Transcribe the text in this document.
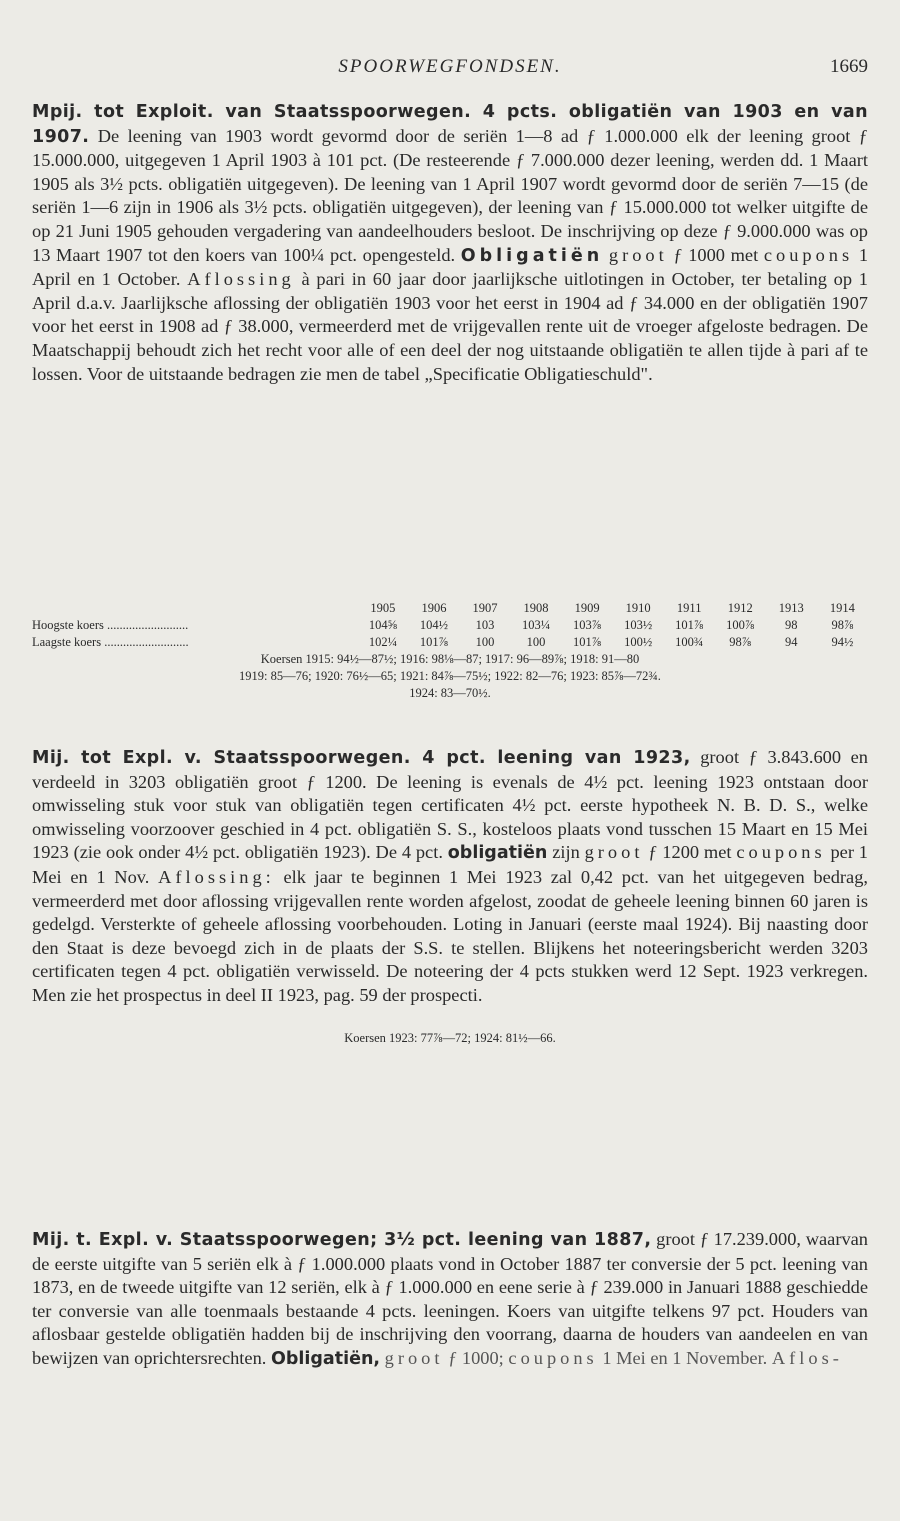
SPOORWEGFONDSEN.	1669

Mpij. tot Exploit. van Staatsspoorwegen. 4 pcts. obligatiën van 1903 en van 1907. De leening van 1903 wordt gevormd door de seriën 1—8 ad ƒ 1.000.000 elk der leening groot ƒ 15.000.000, uitgegeven 1 April 1903 à 101 pct. (De resteerende ƒ 7.000.000 dezer leening, werden dd. 1 Maart 1905 als 3½ pcts. obligatiën uitgegeven). De leening van 1 April 1907 wordt gevormd door de seriën 7—15 (de seriën 1—6 zijn in 1906 als 3½ pcts. obligatiën uitgegeven), der leening van ƒ 15.000.000 tot welker uitgifte de op 21 Juni 1905 gehouden vergadering van aandeelhouders besloot. De inschrijving op deze ƒ 9.000.000 was op 13 Maart 1907 tot den koers van 100¼ pct. opengesteld. Obligatiën groot ƒ 1000 met coupons 1 April en 1 October. Aflossing à pari in 60 jaar door jaarlijksche uitlotingen in October, ter betaling op 1 April d.a.v. Jaarlijksche aflossing der obligatiën 1903 voor het eerst in 1904 ad ƒ 34.000 en der obligatiën 1907 voor het eerst in 1908 ad ƒ 38.000, vermeerderd met de vrijgevallen rente uit de vroeger afgeloste bedragen. De Maatschappij behoudt zich het recht voor alle of een deel der nog uitstaande obligatiën te allen tijde à pari af te lossen. Voor de uitstaande bedragen zie men de tabel „Specificatie Obligatieschuld".

	1905	1906	1907	1908	1909	1910	1911	1912	1913	1914
Hoogste koers ..........................	104⅝	104½	103	103¼	103⅞	103½	101⅞	100⅞	98	98⅞
Laagste koers ...........................	102¼	101⅞	100	100	101⅞	100½	100¾	98⅞	94	94½
Koersen 1915: 94½—87½; 1916: 98⅛—87; 1917: 96—89⅞; 1918: 91—80
1919: 85—76; 1920: 76½—65; 1921: 84⅞—75½; 1922: 82—76; 1923: 85⅞—72¾.
1924: 83—70½.

Mij. tot Expl. v. Staatsspoorwegen. 4 pct. leening van 1923, groot ƒ 3.843.600 en verdeeld in 3203 obligatiën groot ƒ 1200. De leening is evenals de 4½ pct. leening 1923 ontstaan door omwisseling stuk voor stuk van obligatiën tegen certificaten 4½ pct. eerste hypotheek N. B. D. S., welke omwisseling voorzoover geschied in 4 pct. obligatiën S. S., kosteloos plaats vond tusschen 15 Maart en 15 Mei 1923 (zie ook onder 4½ pct. obligatiën 1923). De 4 pct. obligatiën zijn groot ƒ 1200 met coupons per 1 Mei en 1 Nov. Aflossing: elk jaar te beginnen 1 Mei 1923 zal 0,42 pct. van het uitgegeven bedrag, vermeerderd met door aflossing vrijgevallen rente worden afgelost, zoodat de geheele leening binnen 60 jaren is gedelgd. Versterkte of geheele aflossing voorbehouden. Loting in Januari (eerste maal 1924). Bij naasting door den Staat is deze bevoegd zich in de plaats der S.S. te stellen. Blijkens het noteeringsbericht werden 3203 certificaten tegen 4 pct. obligatiën verwisseld. De noteering der 4 pcts stukken werd 12 Sept. 1923 verkregen. Men zie het prospectus in deel II 1923, pag. 59 der prospecti.

Koersen 1923: 77⅞—72; 1924: 81½—66.

Mij. t. Expl. v. Staatsspoorwegen; 3½ pct. leening van 1887, groot ƒ 17.239.000, waarvan de eerste uitgifte van 5 seriën elk à ƒ 1.000.000 plaats vond in October 1887 ter conversie der 5 pct. leening van 1873, en de tweede uitgifte van 12 seriën, elk à ƒ 1.000.000 en eene serie à ƒ 239.000 in Januari 1888 geschiedde ter conversie van alle toenmaals bestaande 4 pcts. leeningen. Koers van uitgifte telkens 97 pct. Houders van aflosbaar gestelde obligatiën hadden bij de inschrijving den voorrang, daarna de houders van aandeelen en van bewijzen van oprichtersrechten. Obligatiën, groot ƒ 1000; coupons 1 Mei en 1 November. Aflos-
